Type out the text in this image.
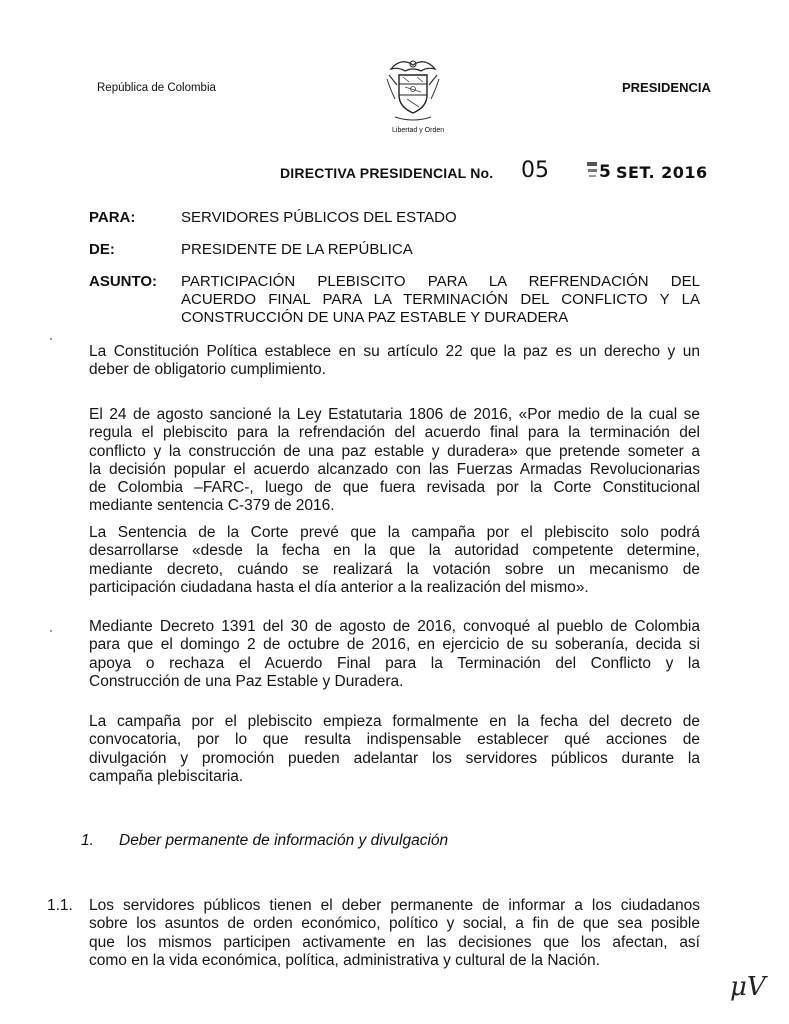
República de Colombia	PRESIDENCIA
Libertad y Orden
DIRECTIVA PRESIDENCIAL No. 05	5 SET. 2016
PARA:	SERVIDORES PÚBLICOS DEL ESTADO
DE:	PRESIDENTE DE LA REPÚBLICA
ASUNTO: PARTICIPACIÓN PLEBISCITO PARA LA REFRENDACIÓN DEL
ACUERDO FINAL PARA LA TERMINACIÓN DEL CONFLICTO Y LA
CONSTRUCCIÓN DE UNA PAZ ESTABLE Y DURADERA
La Constitución Política establece en su artículo 22 que la paz es un derecho y un
deber de obligatorio cumplimiento.
El 24 de agosto sancioné la Ley Estatutaria 1806 de 2016, «Por medio de la cual se
regula el plebiscito para la refrendación del acuerdo final para la terminación del
conflicto y la construcción de una paz estable y duradera» que pretende someter a
la decisión popular el acuerdo alcanzado con las Fuerzas Armadas Revolucionarias
de Colombia –FARC-, luego de que fuera revisada por la Corte Constitucional
mediante sentencia C-379 de 2016.
La Sentencia de la Corte prevé que la campaña por el plebiscito solo podrá
desarrollarse «desde la fecha en la que la autoridad competente determine,
mediante decreto, cuándo se realizará la votación sobre un mecanismo de
participación ciudadana hasta el día anterior a la realización del mismo».
Mediante Decreto 1391 del 30 de agosto de 2016, convoqué al pueblo de Colombia
para que el domingo 2 de octubre de 2016, en ejercicio de su soberanía, decida si
apoya o rechaza el Acuerdo Final para la Terminación del Conflicto y la
Construcción de una Paz Estable y Duradera.
La campaña por el plebiscito empieza formalmente en la fecha del decreto de
convocatoria, por lo que resulta indispensable establecer qué acciones de
divulgación y promoción pueden adelantar los servidores públicos durante la
campaña plebiscitaria.
1. Deber permanente de información y divulgación
1.1. Los servidores públicos tienen el deber permanente de informar a los ciudadanos
sobre los asuntos de orden económico, político y social, a fin de que sea posible
que los mismos participen activamente en las decisiones que los afectan, así
como en la vida económica, política, administrativa y cultural de la Nación.
μV
